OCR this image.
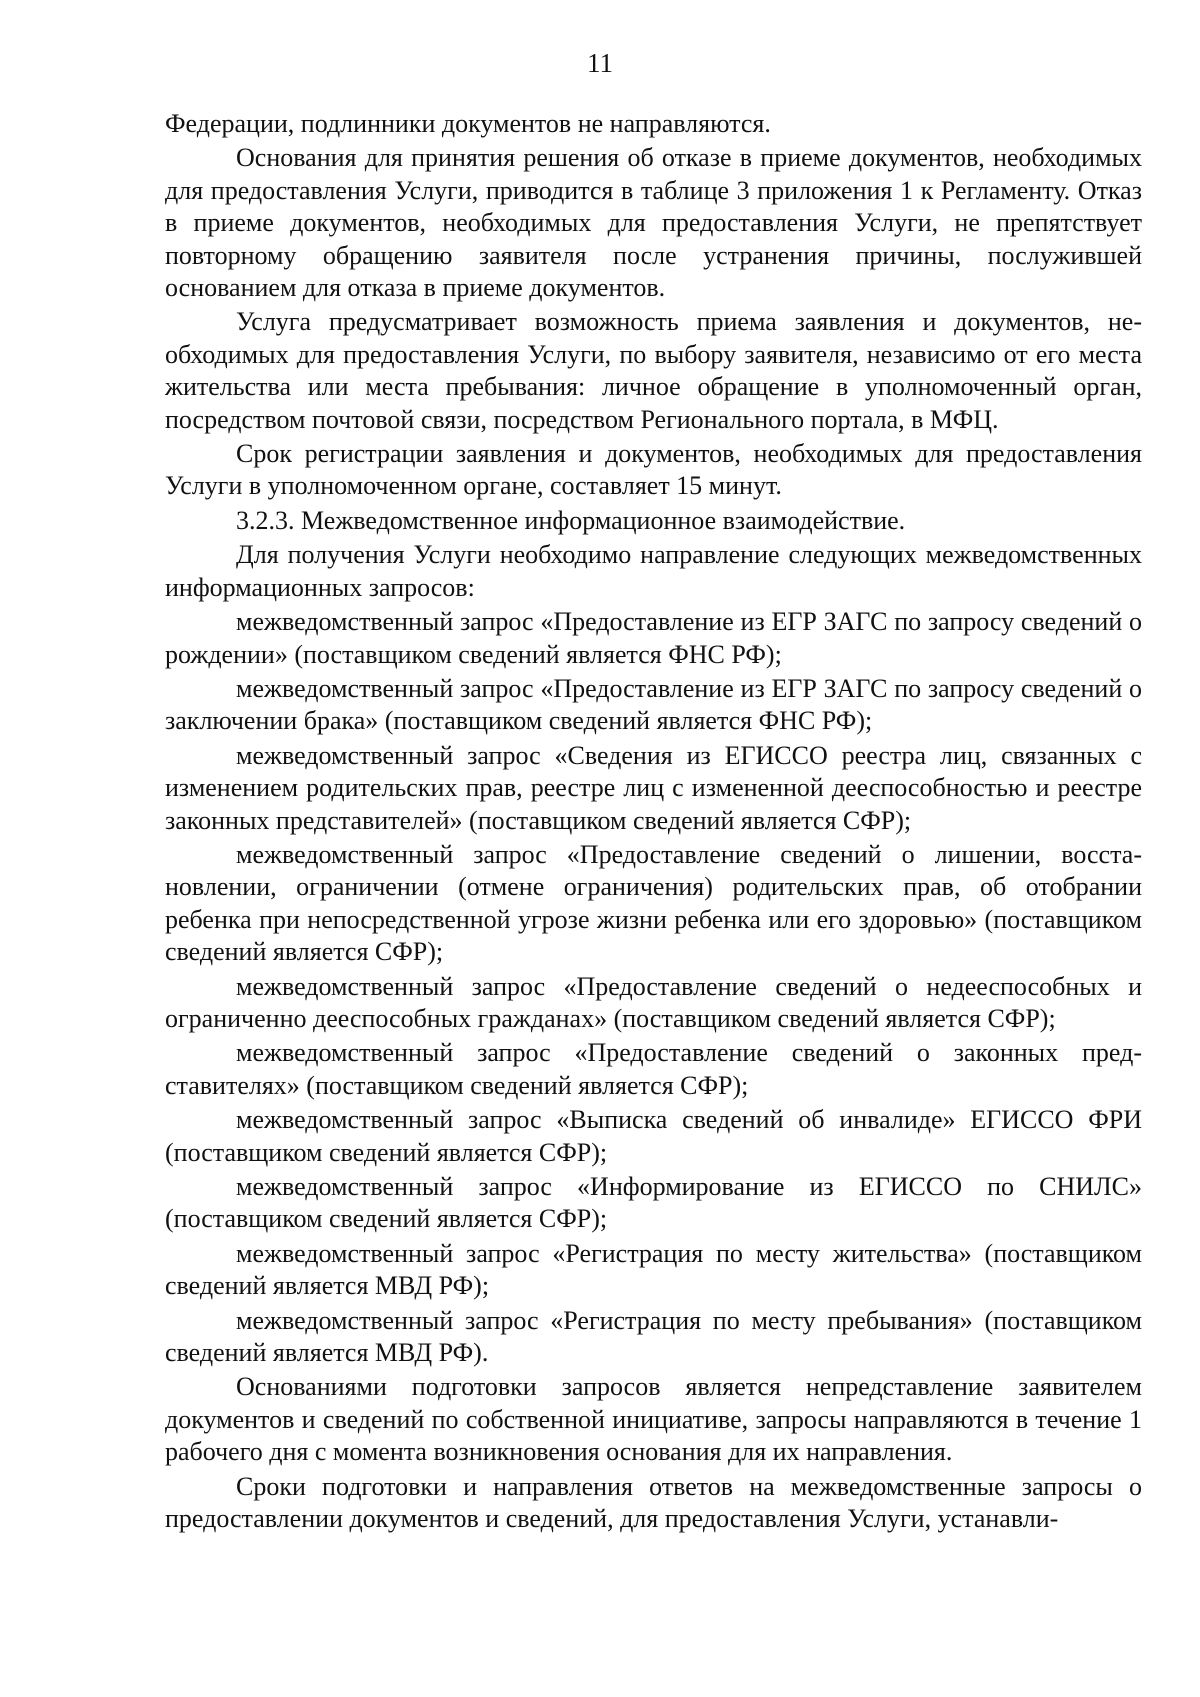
11

Федерации, подлинники документов не направляются.

Основания для принятия решения об отказе в приеме документов, необходимых для предоставления Услуги, приводится в таблице 3 приложения 1 к Регламенту. Отказ в приеме документов, необходимых для предоставления Услуги, не препятствует повторному обращению заявителя после устранения причины, послужившей основанием для отказа в приеме документов.

Услуга предусматривает возможность приема заявления и документов, необходимых для предоставления Услуги, по выбору заявителя, независимо от его места жительства или места пребывания: личное обращение в уполномоченный орган, посредством почтовой связи, посредством Регионального портала, в МФЦ.

Срок регистрации заявления и документов, необходимых для предоставления Услуги в уполномоченном органе, составляет 15 минут.

3.2.3. Межведомственное информационное взаимодействие.

Для получения Услуги необходимо направление следующих межведомственных информационных запросов:

межведомственный запрос «Предоставление из ЕГР ЗАГС по запросу сведений о рождении» (поставщиком сведений является ФНС РФ);

межведомственный запрос «Предоставление из ЕГР ЗАГС по запросу сведений о заключении брака» (поставщиком сведений является ФНС РФ);

межведомственный запрос «Сведения из ЕГИССО реестра лиц, связанных с изменением родительских прав, реестре лиц с измененной дееспособностью и реестре законных представителей» (поставщиком сведений является СФР);

межведомственный запрос «Предоставление сведений о лишении, восстановлении, ограничении (отмене ограничения) родительских прав, об отобрании ребенка при непосредственной угрозе жизни ребенка или его здоровью» (поставщиком сведений является СФР);

межведомственный запрос «Предоставление сведений о недееспособных и ограниченно дееспособных гражданах» (поставщиком сведений является СФР);

межведомственный запрос «Предоставление сведений о законных представителях» (поставщиком сведений является СФР);

межведомственный запрос «Выписка сведений об инвалиде» ЕГИССО ФРИ (поставщиком сведений является СФР);

межведомственный запрос «Информирование из ЕГИССО по СНИЛС» (поставщиком сведений является СФР);

межведомственный запрос «Регистрация по месту жительства» (поставщиком сведений является МВД РФ);

межведомственный запрос «Регистрация по месту пребывания» (поставщиком сведений является МВД РФ).

Основаниями подготовки запросов является непредставление заявителем документов и сведений по собственной инициативе, запросы направляются в течение 1 рабочего дня с момента возникновения основания для их направления.

Сроки подготовки и направления ответов на межведомственные запросы о предоставлении документов и сведений, для предоставления Услуги, устанавли-
